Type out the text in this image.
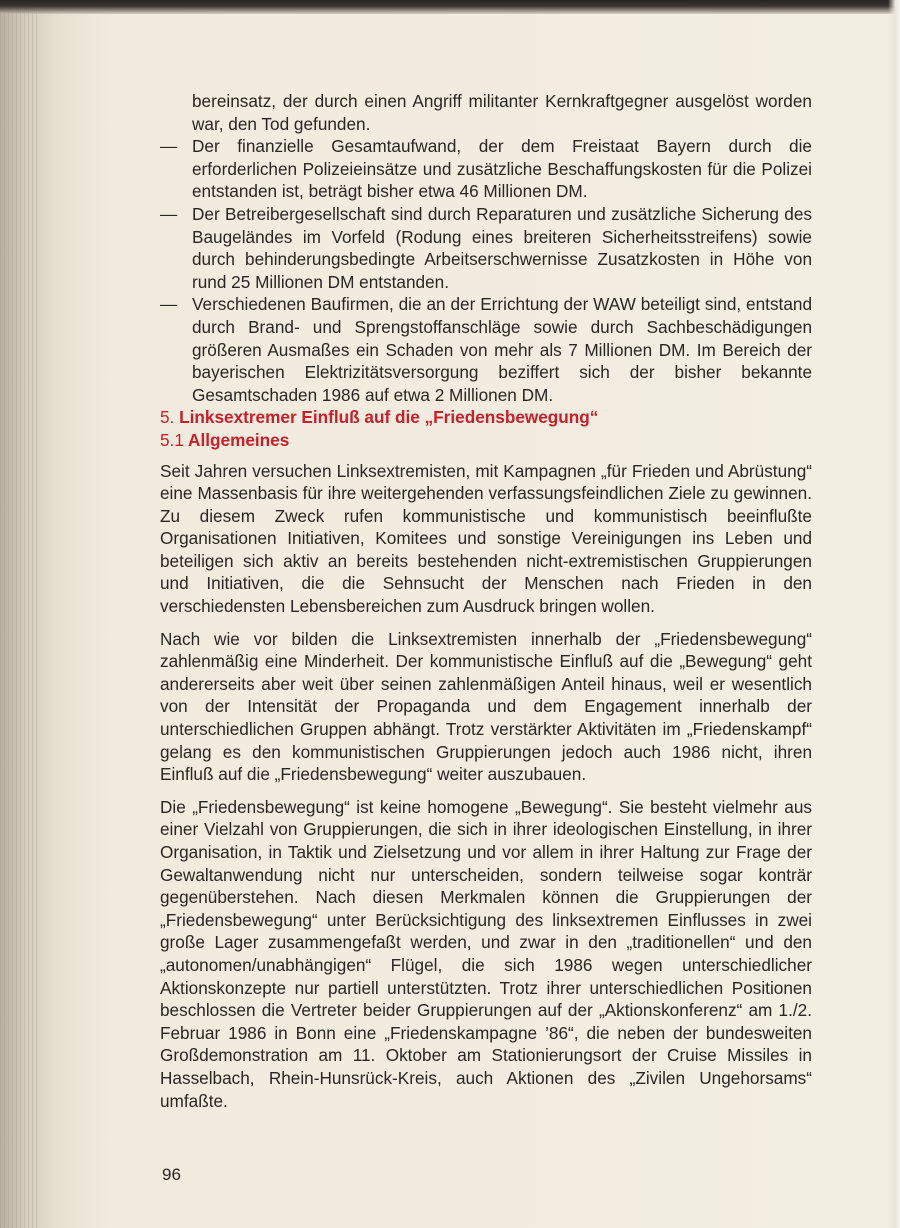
bereinsatz, der durch einen Angriff militanter Kernkraftgegner ausgelöst worden war, den Tod gefunden.

— Der finanzielle Gesamtaufwand, der dem Freistaat Bayern durch die erforderlichen Polizeieinsätze und zusätzliche Beschaffungskosten für die Polizei entstanden ist, beträgt bisher etwa 46 Millionen DM.

— Der Betreibergesellschaft sind durch Reparaturen und zusätzliche Sicherung des Baugeländes im Vorfeld (Rodung eines breiteren Sicherheitsstreifens) sowie durch behinderungsbedingte Arbeitserschwernisse Zusatzkosten in Höhe von rund 25 Millionen DM entstanden.

— Verschiedenen Baufirmen, die an der Errichtung der WAW beteiligt sind, entstand durch Brand- und Sprengstoffanschläge sowie durch Sachbeschädigungen größeren Ausmaßes ein Schaden von mehr als 7 Millionen DM. Im Bereich der bayerischen Elektrizitätsversorgung beziffert sich der bisher bekannte Gesamtschaden 1986 auf etwa 2 Millionen DM.

5. Linksextremer Einfluß auf die „Friedensbewegung“

5.1 Allgemeines

Seit Jahren versuchen Linksextremisten, mit Kampagnen „für Frieden und Abrüstung“ eine Massenbasis für ihre weitergehenden verfassungsfeindlichen Ziele zu gewinnen. Zu diesem Zweck rufen kommunistische und kommunistisch beeinflußte Organisationen Initiativen, Komitees und sonstige Vereinigungen ins Leben und beteiligen sich aktiv an bereits bestehenden nicht-extremistischen Gruppierungen und Initiativen, die die Sehnsucht der Menschen nach Frieden in den verschiedensten Lebensbereichen zum Ausdruck bringen wollen.

Nach wie vor bilden die Linksextremisten innerhalb der „Friedensbewegung“ zahlenmäßig eine Minderheit. Der kommunistische Einfluß auf die „Bewegung“ geht andererseits aber weit über seinen zahlenmäßigen Anteil hinaus, weil er wesentlich von der Intensität der Propaganda und dem Engagement innerhalb der unterschiedlichen Gruppen abhängt. Trotz verstärkter Aktivitäten im „Friedenskampf“ gelang es den kommunistischen Gruppierungen jedoch auch 1986 nicht, ihren Einfluß auf die „Friedensbewegung“ weiter auszubauen.

Die „Friedensbewegung“ ist keine homogene „Bewegung“. Sie besteht vielmehr aus einer Vielzahl von Gruppierungen, die sich in ihrer ideologischen Einstellung, in ihrer Organisation, in Taktik und Zielsetzung und vor allem in ihrer Haltung zur Frage der Gewaltanwendung nicht nur unterscheiden, sondern teilweise sogar konträr gegenüberstehen. Nach diesen Merkmalen können die Gruppierungen der „Friedensbewegung“ unter Berücksichtigung des linksextremen Einflusses in zwei große Lager zusammengefaßt werden, und zwar in den „traditionellen“ und den „autonomen/unabhängigen“ Flügel, die sich 1986 wegen unterschiedlicher Aktionskonzepte nur partiell unterstützten. Trotz ihrer unterschiedlichen Positionen beschlossen die Vertreter beider Gruppierungen auf der „Aktionskonferenz“ am 1./2. Februar 1986 in Bonn eine „Friedenskampagne ’86“, die neben der bundesweiten Großdemonstration am 11. Oktober am Stationierungsort der Cruise Missiles in Hasselbach, Rhein-Hunsrück-Kreis, auch Aktionen des „Zivilen Ungehorsams“ umfaßte.

96
